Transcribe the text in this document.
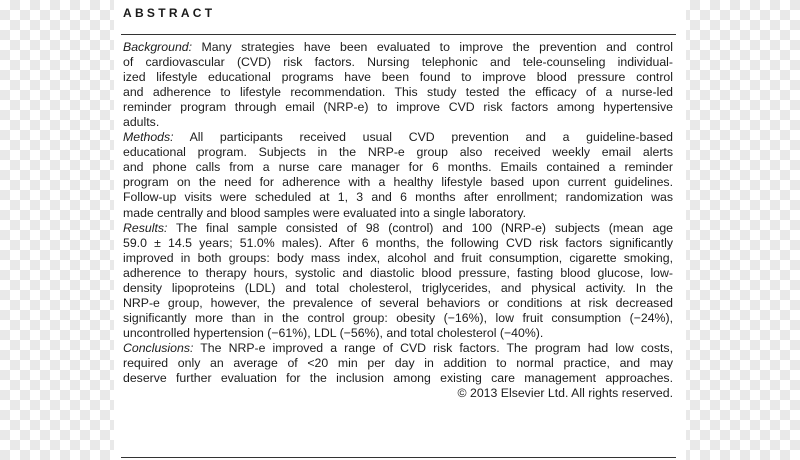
ABSTRACT
Background: Many strategies have been evaluated to improve the prevention and control
of cardiovascular (CVD) risk factors. Nursing telephonic and tele-counseling individual-
ized lifestyle educational programs have been found to improve blood pressure control
and adherence to lifestyle recommendation. This study tested the efficacy of a nurse-led
reminder program through email (NRP-e) to improve CVD risk factors among hypertensive
adults.
Methods: All participants received usual CVD prevention and a guideline-based
educational program. Subjects in the NRP-e group also received weekly email alerts
and phone calls from a nurse care manager for 6 months. Emails contained a reminder
program on the need for adherence with a healthy lifestyle based upon current guidelines.
Follow-up visits were scheduled at 1, 3 and 6 months after enrollment; randomization was
made centrally and blood samples were evaluated into a single laboratory.
Results: The final sample consisted of 98 (control) and 100 (NRP-e) subjects (mean age
59.0 ± 14.5 years; 51.0% males). After 6 months, the following CVD risk factors significantly
improved in both groups: body mass index, alcohol and fruit consumption, cigarette smoking,
adherence to therapy hours, systolic and diastolic blood pressure, fasting blood glucose, low-
density lipoproteins (LDL) and total cholesterol, triglycerides, and physical activity. In the
NRP-e group, however, the prevalence of several behaviors or conditions at risk decreased
significantly more than in the control group: obesity (−16%), low fruit consumption (−24%),
uncontrolled hypertension (−61%), LDL (−56%), and total cholesterol (−40%).
Conclusions: The NRP-e improved a range of CVD risk factors. The program had low costs,
required only an average of <20 min per day in addition to normal practice, and may
deserve further evaluation for the inclusion among existing care management approaches.
© 2013 Elsevier Ltd. All rights reserved.
